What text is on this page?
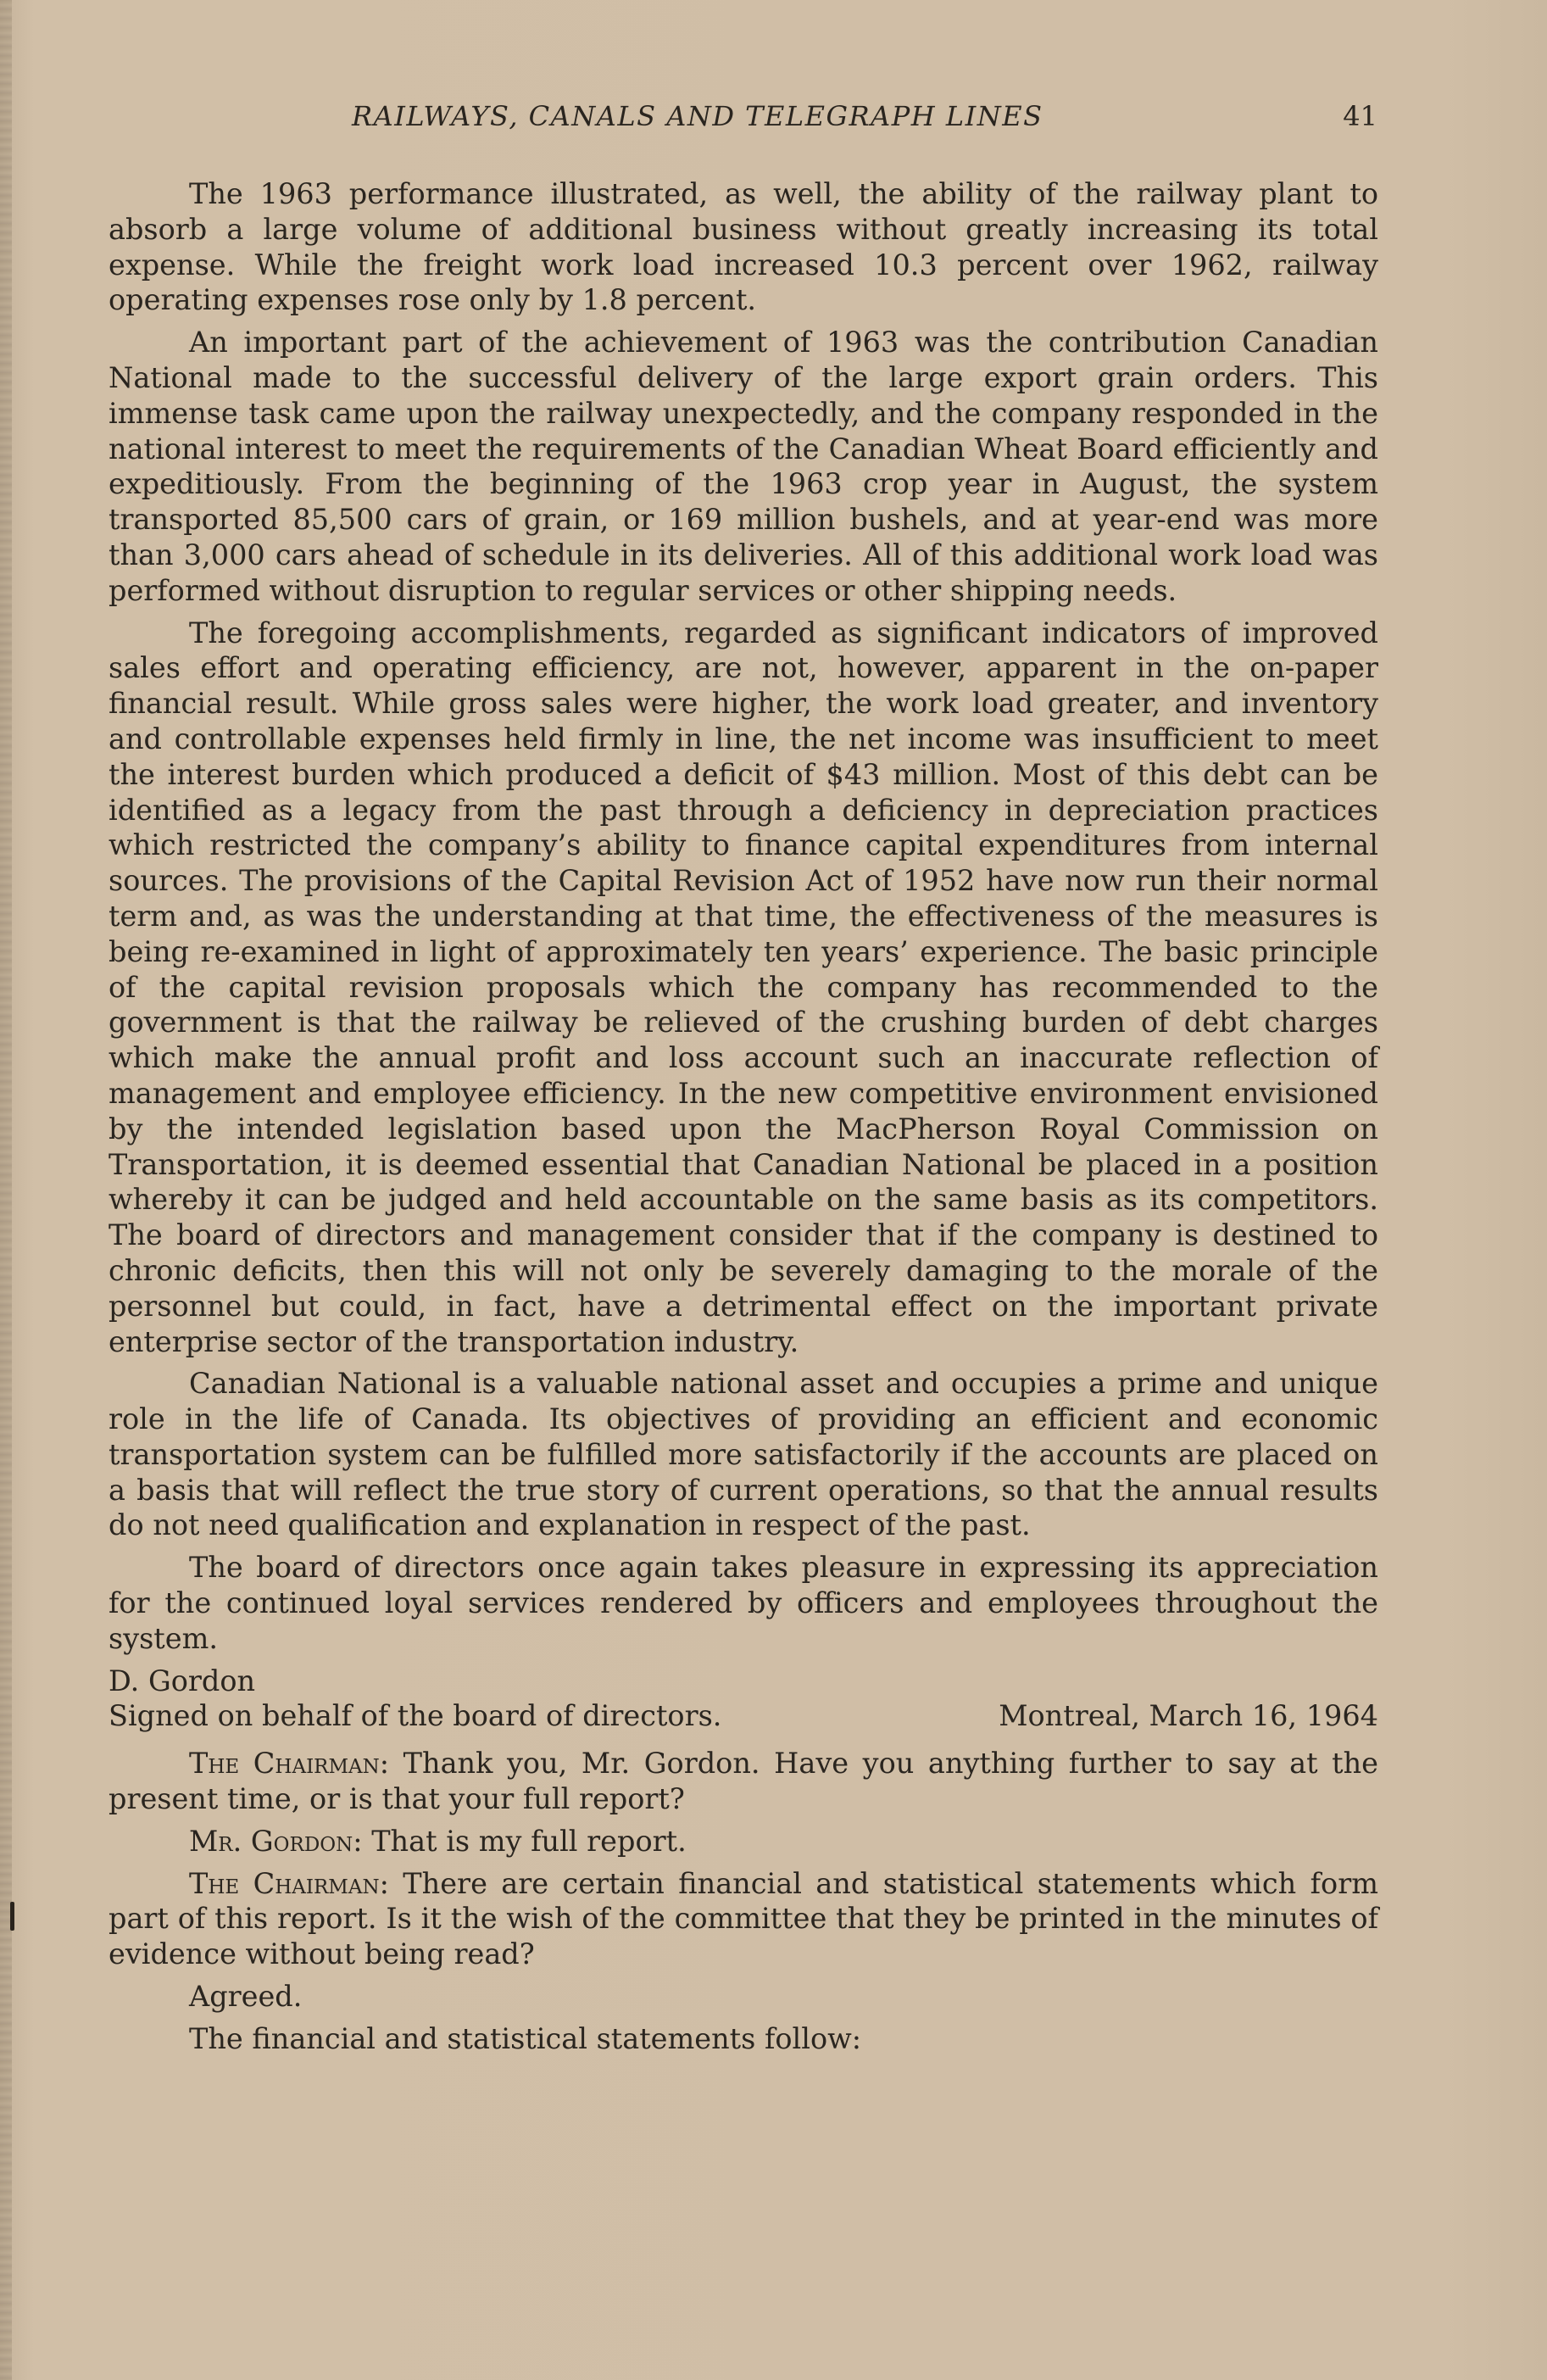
RAILWAYS, CANALS AND TELEGRAPH LINES	41

The 1963 performance illustrated, as well, the ability of the railway plant to absorb a large volume of additional business without greatly increasing its total expense. While the freight work load increased 10.3 percent over 1962, railway operating expenses rose only by 1.8 percent.

An important part of the achievement of 1963 was the contribution Canadian National made to the successful delivery of the large export grain orders. This immense task came upon the railway unexpectedly, and the company responded in the national interest to meet the requirements of the Canadian Wheat Board efficiently and expeditiously. From the beginning of the 1963 crop year in August, the system transported 85,500 cars of grain, or 169 million bushels, and at year-end was more than 3,000 cars ahead of schedule in its deliveries. All of this additional work load was performed without disruption to regular services or other shipping needs.

The foregoing accomplishments, regarded as significant indicators of improved sales effort and operating efficiency, are not, however, apparent in the on-paper financial result. While gross sales were higher, the work load greater, and inventory and controllable expenses held firmly in line, the net income was insufficient to meet the interest burden which produced a deficit of $43 million. Most of this debt can be identified as a legacy from the past through a deficiency in depreciation practices which restricted the company’s ability to finance capital expenditures from internal sources. The provisions of the Capital Revision Act of 1952 have now run their normal term and, as was the understanding at that time, the effectiveness of the measures is being re-examined in light of approximately ten years’ experience. The basic principle of the capital revision proposals which the company has recommended to the government is that the railway be relieved of the crushing burden of debt charges which make the annual profit and loss account such an inaccurate reflection of management and employee efficiency. In the new competitive environment envisioned by the intended legislation based upon the MacPherson Royal Commission on Transportation, it is deemed essential that Canadian National be placed in a position whereby it can be judged and held accountable on the same basis as its competitors. The board of directors and management consider that if the company is destined to chronic deficits, then this will not only be severely damaging to the morale of the personnel but could, in fact, have a detrimental effect on the important private enterprise sector of the transportation industry.

Canadian National is a valuable national asset and occupies a prime and unique role in the life of Canada. Its objectives of providing an efficient and economic transportation system can be fulfilled more satisfactorily if the accounts are placed on a basis that will reflect the true story of current operations, so that the annual results do not need qualification and explanation in respect of the past.

The board of directors once again takes pleasure in expressing its appreciation for the continued loyal services rendered by officers and employees throughout the system.

D. Gordon

Signed on behalf of the board of directors.	Montreal, March 16, 1964

The Chairman: Thank you, Mr. Gordon. Have you anything further to say at the present time, or is that your full report?

Mr. Gordon: That is my full report.

The Chairman: There are certain financial and statistical statements which form part of this report. Is it the wish of the committee that they be printed in the minutes of evidence without being read?

Agreed.

The financial and statistical statements follow:
